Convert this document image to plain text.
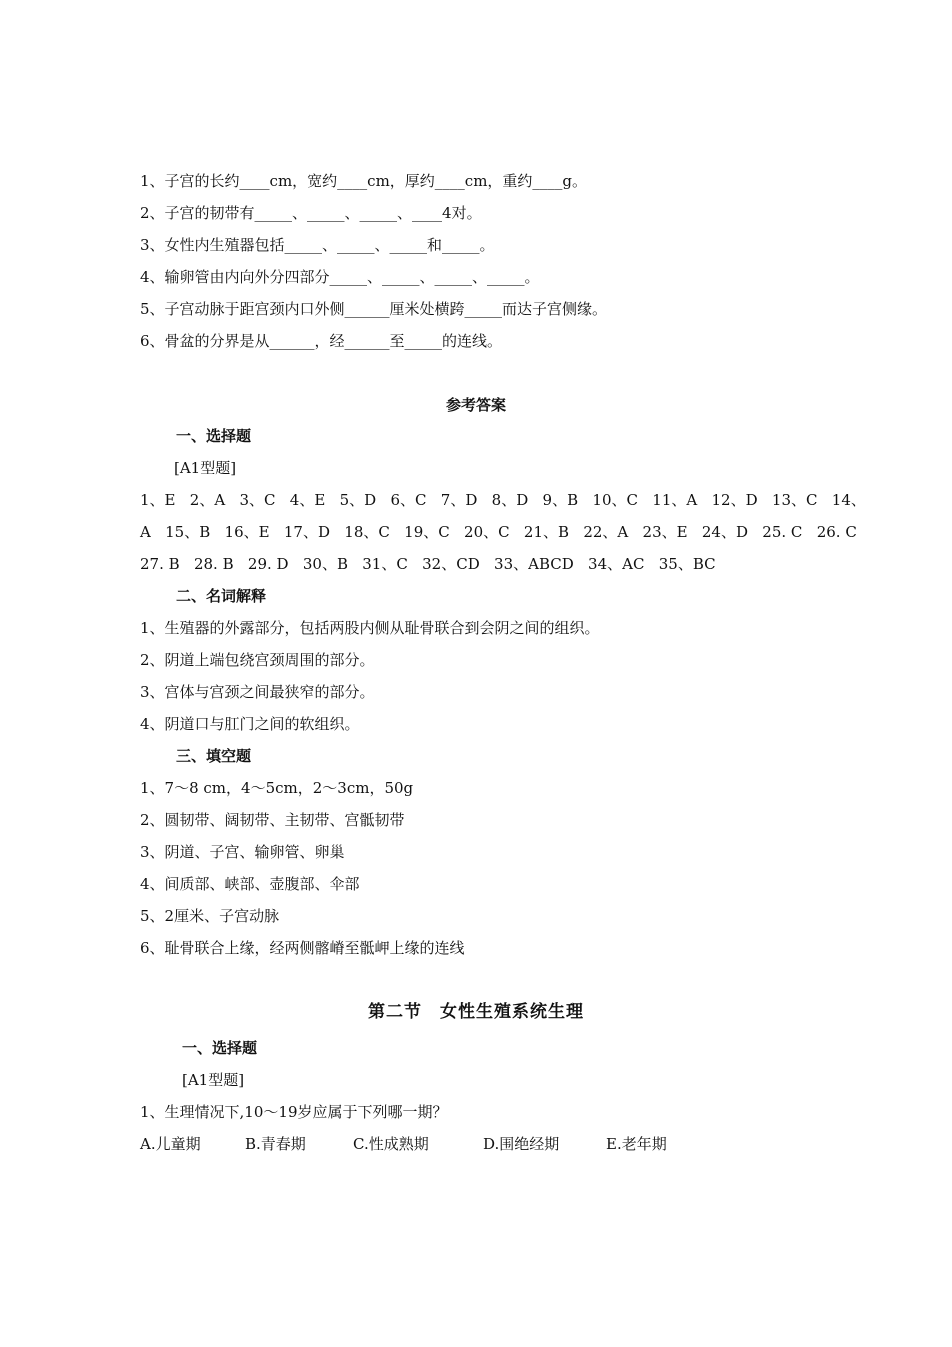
1、子宫的长约____cm，宽约____cm，厚约____cm，重约____g。
2、子宫的韧带有_____、_____、_____、____4对。
3、女性内生殖器包括_____、_____、_____和_____。
4、输卵管由内向外分四部分_____、_____、_____、_____。
5、子宫动脉于距宫颈内口外侧______厘米处横跨_____而达子宫侧缘。
6、骨盆的分界是从______，经______至_____的连线。
参考答案
一、选择题
[A1型题]
1、E   2、A   3、C   4、E   5、D   6、C   7、D   8、D   9、B   10、C   11、A   12、D   13、C   14、
A   15、B   16、E   17、D   18、C   19、C   20、C   21、B   22、A   23、E   24、D   25. C   26. C
27. B   28. B   29. D   30、B   31、C   32、CD   33、ABCD   34、AC   35、BC
二、名词解释
1、生殖器的外露部分，包括两股内侧从耻骨联合到会阴之间的组织。
2、阴道上端包绕宫颈周围的部分。
3、宫体与宫颈之间最狭窄的部分。
4、阴道口与肛门之间的软组织。
三、填空题
1、7～8 cm，4～5cm，2～3cm，50g
2、圆韧带、阔韧带、主韧带、宫骶韧带
3、阴道、子宫、输卵管、卵巢
4、间质部、峡部、壶腹部、伞部
5、2厘米、子宫动脉
6、耻骨联合上缘，经两侧髂嵴至骶岬上缘的连线
第二节　女性生殖系统生理
一、选择题
[A1型题]
1、生理情况下,10～19岁应属于下列哪一期？
A.儿童期	B.青春期	C.性成熟期	D.围绝经期	E.老年期
